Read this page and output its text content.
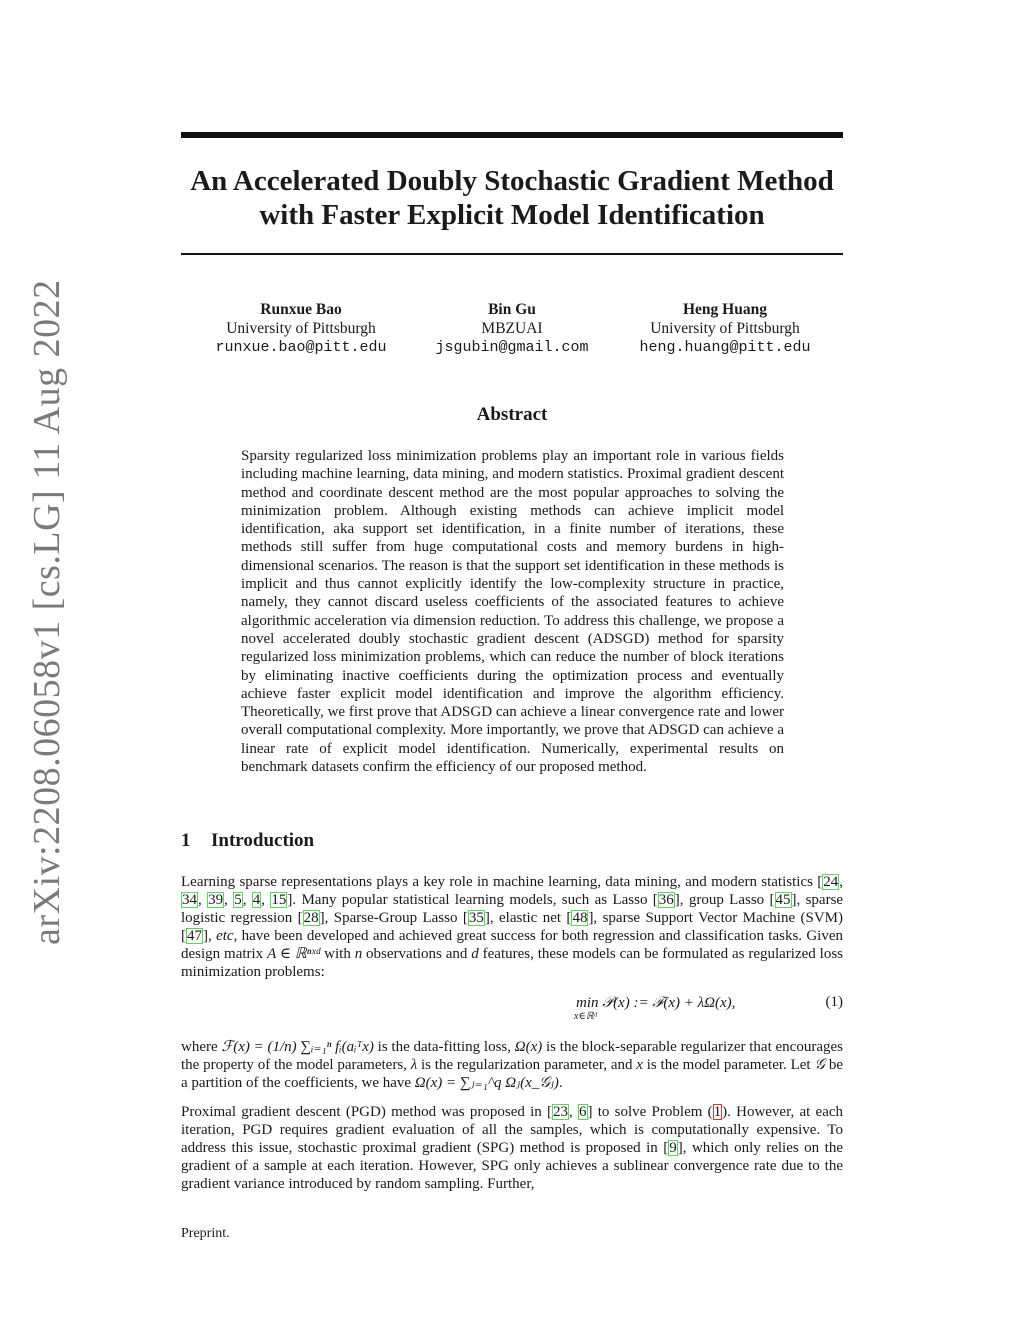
arXiv:2208.06058v1 [cs.LG] 11 Aug 2022
An Accelerated Doubly Stochastic Gradient Method
with Faster Explicit Model Identification
Runxue Bao
University of Pittsburgh
runxue.bao@pitt.edu
Bin Gu
MBZUAI
jsgubin@gmail.com
Heng Huang
University of Pittsburgh
heng.huang@pitt.edu
Abstract

Sparsity regularized loss minimization problems play an important role in various fields including machine learning, data mining, and modern statistics. Proximal gradient descent method and coordinate descent method are the most popular approaches to solving the minimization problem. Although existing methods can achieve implicit model identification, aka support set identification, in a finite number of iterations, these methods still suffer from huge computational costs and memory burdens in high-dimensional scenarios. The reason is that the support set identification in these methods is implicit and thus cannot explicitly identify the low-complexity structure in practice, namely, they cannot discard useless coefficients of the associated features to achieve algorithmic acceleration via dimension reduction. To address this challenge, we propose a novel accelerated doubly stochastic gradient descent (ADSGD) method for sparsity regularized loss minimization problems, which can reduce the number of block iterations by eliminating inactive coefficients during the optimization process and eventually achieve faster explicit model identification and improve the algorithm efficiency. Theoretically, we first prove that ADSGD can achieve a linear convergence rate and lower overall computational complexity. More importantly, we prove that ADSGD can achieve a linear rate of explicit model identification. Numerically, experimental results on benchmark datasets confirm the efficiency of our proposed method.

1 Introduction

Learning sparse representations plays a key role in machine learning, data mining, and modern statistics [24, 34, 39, 5, 4, 15]. Many popular statistical learning models, such as Lasso [36], group Lasso [45], sparse logistic regression [28], Sparse-Group Lasso [35], elastic net [48], sparse Support Vector Machine (SVM) [47], etc, have been developed and achieved great success for both regression and classification tasks. Given design matrix A ∈ ℝⁿˣᵈ with n observations and d features, these models can be formulated as regularized loss minimization problems:

min 𝒫(x) := ℱ(x) + λΩ(x),
x∈ℝᵈ
(1)

where ℱ(x) = (1/n) ∑ᵢ₌₁ⁿ fᵢ(aᵢᵀx) is the data-fitting loss, Ω(x) is the block-separable regularizer that encourages the property of the model parameters, λ is the regularization parameter, and x is the model parameter. Let 𝒢 be a partition of the coefficients, we have Ω(x) = ∑ⱼ₌₁^q Ωⱼ(x_𝒢ⱼ).

Proximal gradient descent (PGD) method was proposed in [23, 6] to solve Problem (1). However, at each iteration, PGD requires gradient evaluation of all the samples, which is computationally expensive. To address this issue, stochastic proximal gradient (SPG) method is proposed in [9], which only relies on the gradient of a sample at each iteration. However, SPG only achieves a sublinear convergence rate due to the gradient variance introduced by random sampling. Further,

Preprint.
